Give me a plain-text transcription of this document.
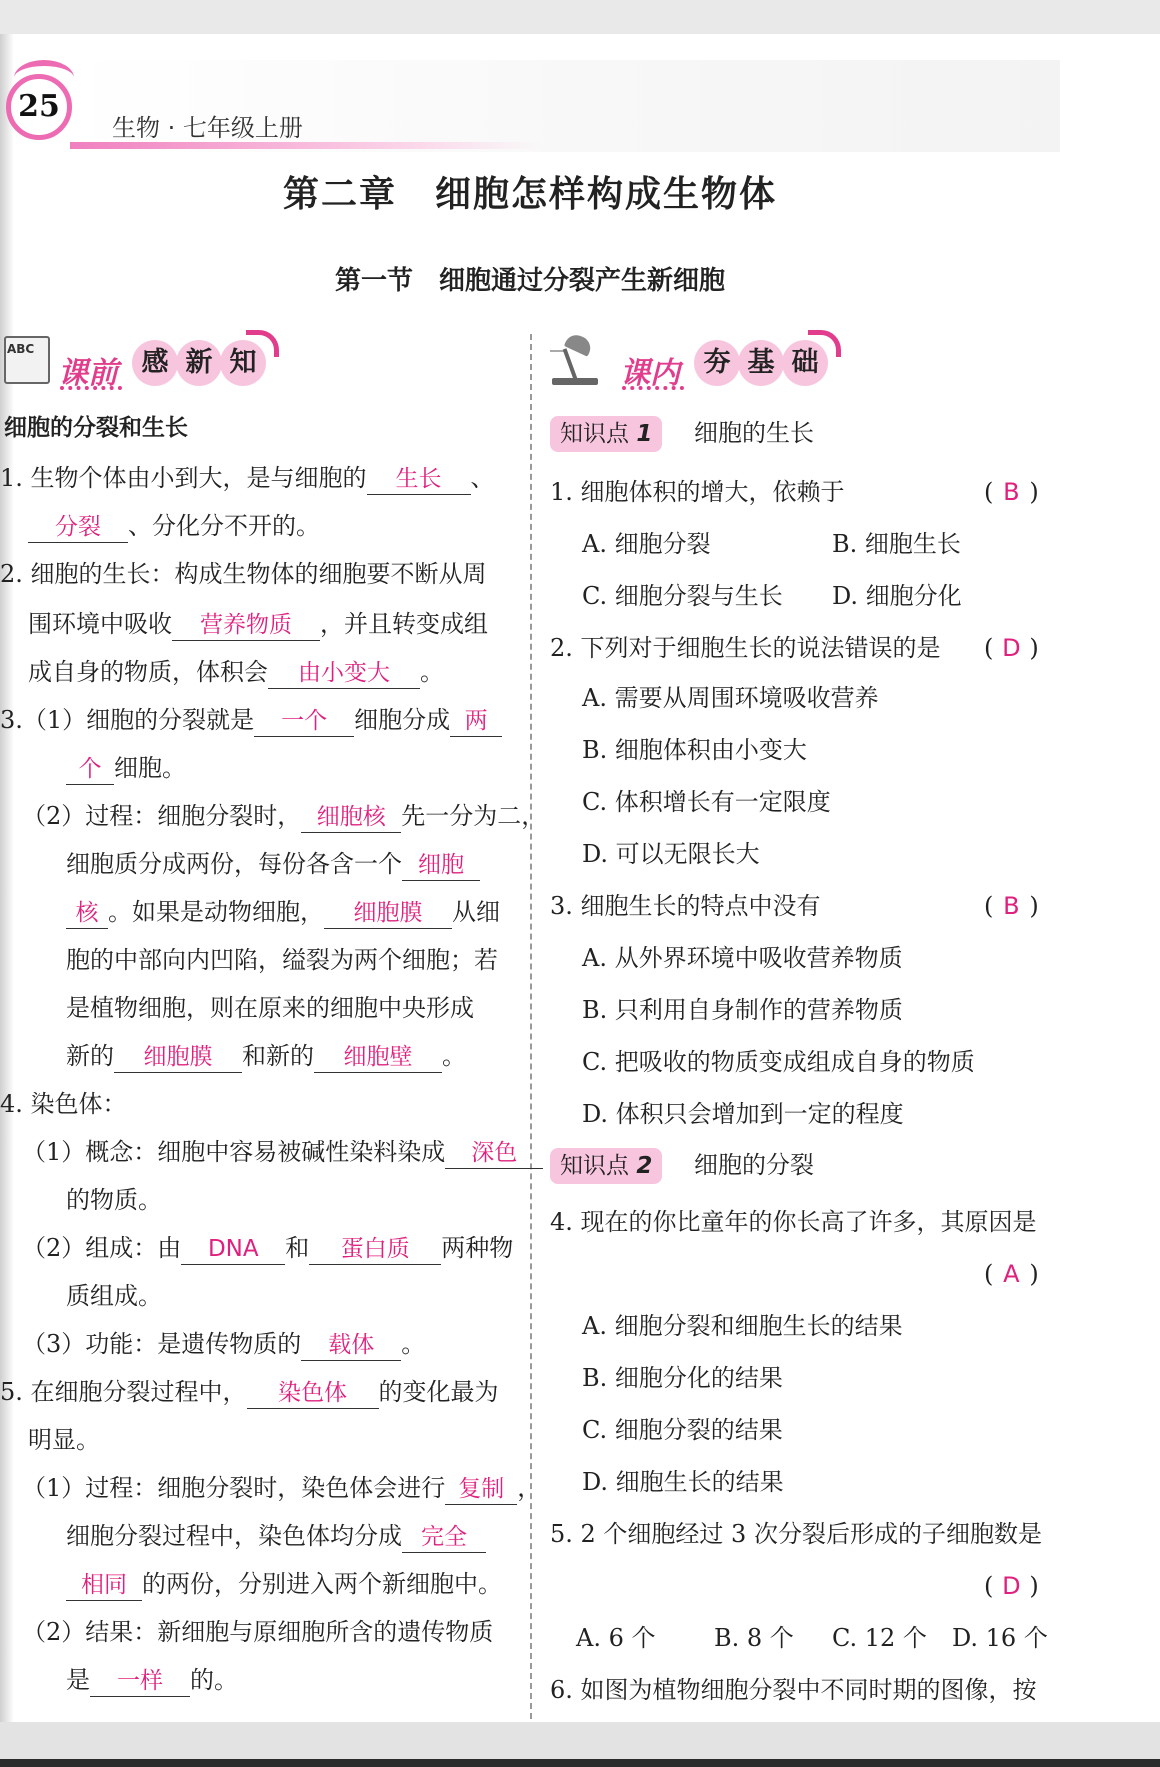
25
生物 · 七年级上册
第二章　细胞怎样构成生物体
第一节　细胞通过分裂产生新细胞
ABC
课前 感 新 知	课内 夯 基 础
细胞的分裂和生长
1. 生物个体由小到大，是与细胞的 生长 、
分裂 、分化分不开的。
2. 细胞的生长：构成生物体的细胞要不断从周
围环境中吸收 营养物质 ，并且转变成组
成自身的物质，体积会 由小变大 。
3.（1）细胞的分裂就是 一个 细胞分成 两
个 细胞。
（2）过程：细胞分裂时， 细胞核 先一分为二，
细胞质分成两份，每份各含一个 细胞
核 。如果是动物细胞， 细胞膜 从细
胞的中部向内凹陷，缢裂为两个细胞；若
是植物细胞，则在原来的细胞中央形成
新的 细胞膜 和新的 细胞壁 。
4. 染色体：
（1）概念：细胞中容易被碱性染料染成 深色
的物质。
（2）组成：由 DNA 和 蛋白质 两种物
质组成。
（3）功能：是遗传物质的 载体 。
5. 在细胞分裂过程中， 染色体 的变化最为
明显。
（1）过程：细胞分裂时，染色体会进行 复制 ，
细胞分裂过程中，染色体均分成 完全
相同 的两份，分别进入两个新细胞中。
（2）结果：新细胞与原细胞所含的遗传物质
是 一样 的。
知识点 1 细胞的生长
1. 细胞体积的增大，依赖于	( B )
A. 细胞分裂	B. 细胞生长
C. 细胞分裂与生长 D. 细胞分化
2. 下列对于细胞生长的说法错误的是 ( D )
A. 需要从周围环境吸收营养
B. 细胞体积由小变大
C. 体积增长有一定限度
D. 可以无限长大
3. 细胞生长的特点中没有	( B )
A. 从外界环境中吸收营养物质
B. 只利用自身制作的营养物质
C. 把吸收的物质变成组成自身的物质
D. 体积只会增加到一定的程度
知识点 2 细胞的分裂
4. 现在的你比童年的你长高了许多，其原因是
( A )
A. 细胞分裂和细胞生长的结果
B. 细胞分化的结果
C. 细胞分裂的结果
D. 细胞生长的结果
5. 2 个细胞经过 3 次分裂后形成的子细胞数是
( D )
A. 6 个 B. 8 个 C. 12 个 D. 16 个
6. 如图为植物细胞分裂中不同时期的图像，按
